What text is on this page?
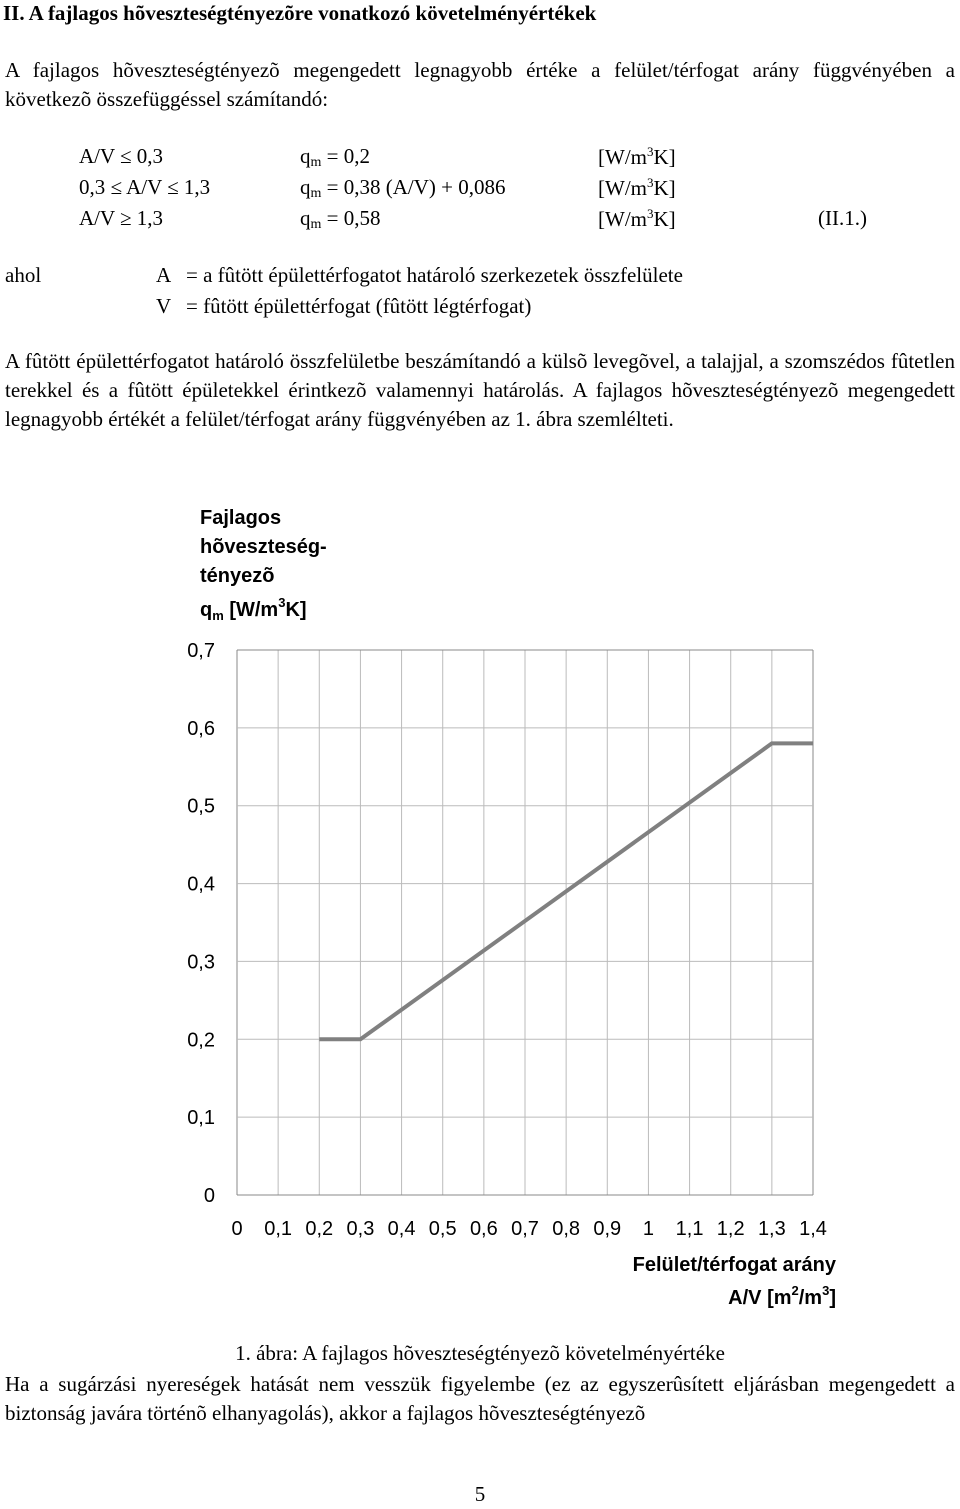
II. A fajlagos hõveszteségtényezõre vonatkozó követelményértékek
A fajlagos hõveszteségtényezõ megengedett legnagyobb értéke a felület/térfogat arány függvényében a következõ összefüggéssel számítandó:
A/V ≤ 0,3	$q_m = 0,2$	$[W/m^3K]$
0,3 ≤ A/V ≤ 1,3	$q_m = 0,38$ (A/V) + 0,086	$[W/m^3K]$
A/V ≥ 1,3	$q_m = 0,58$	$[W/m^3K]$	(II.1.)
ahol	A = a fûtött épülettérfogatot határoló szerkezetek összfelülete
V = fûtött épülettérfogat (fûtött légtérfogat)
A fûtött épülettérfogatot határoló összfelületbe beszámítandó a külsõ levegõvel, a talajjal, a szomszédos fûtetlen terekkel és a fûtött épületekkel érintkezõ valamennyi határolás. A fajlagos hõveszteségtényezõ megengedett legnagyobb értékét a felület/térfogat arány függvényében az 1. ábra szemlélteti.
Fajlagos
hõveszteség-
tényezõ
$q_m$ $[W/m^3K]$
0
0,1
0,2
0,3
0,4
0,5
0,6
0,7
0 0,1 0,2 0,3 0,4 0,5 0,6 0,7 0,8 0,9 1 1,1 1,2 1,3 1,4
Felület/térfogat arány
A/V $[m^2/m^3]$
1. ábra: A fajlagos hõveszteségtényezõ követelményértéke
Ha a sugárzási nyereségek hatását nem vesszük figyelembe (ez az egyszerûsített eljárásban megengedett a biztonság javára történõ elhanyagolás), akkor a fajlagos hõveszteségtényezõ
5
